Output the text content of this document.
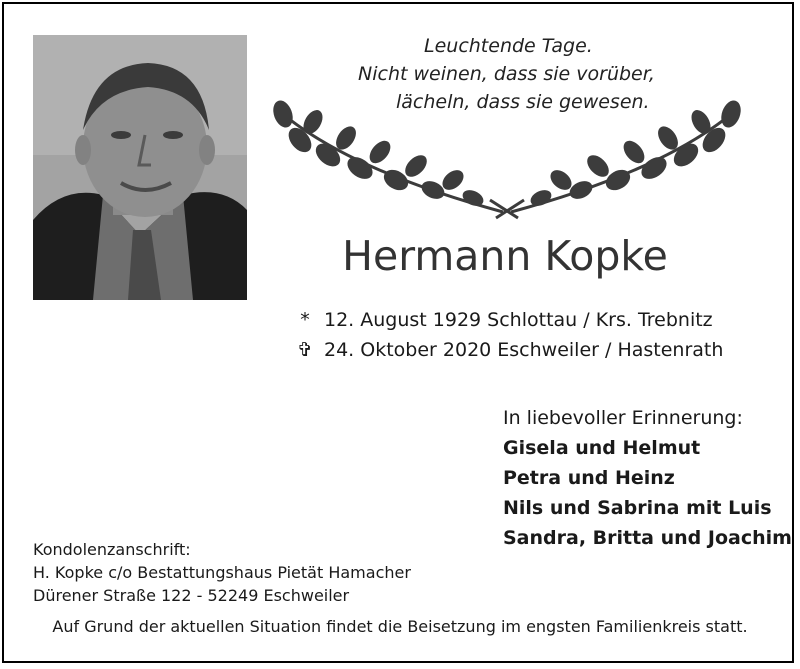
Leuchtende Tage.
Nicht weinen, dass sie vorüber,
lächeln, dass sie gewesen.
Hermann Kopke
* 12. August 1929 Schlottau / Krs. Trebnitz
✞ 24. Oktober 2020 Eschweiler / Hastenrath
In liebevoller Erinnerung:
Gisela und Helmut
Petra und Heinz
Nils und Sabrina mit Luis
Sandra, Britta und Joachim
Kondolenzanschrift:
H. Kopke c/o Bestattungshaus Pietät Hamacher
Dürener Straße 122 - 52249 Eschweiler
Auf Grund der aktuellen Situation findet die Beisetzung im engsten Familienkreis statt.
